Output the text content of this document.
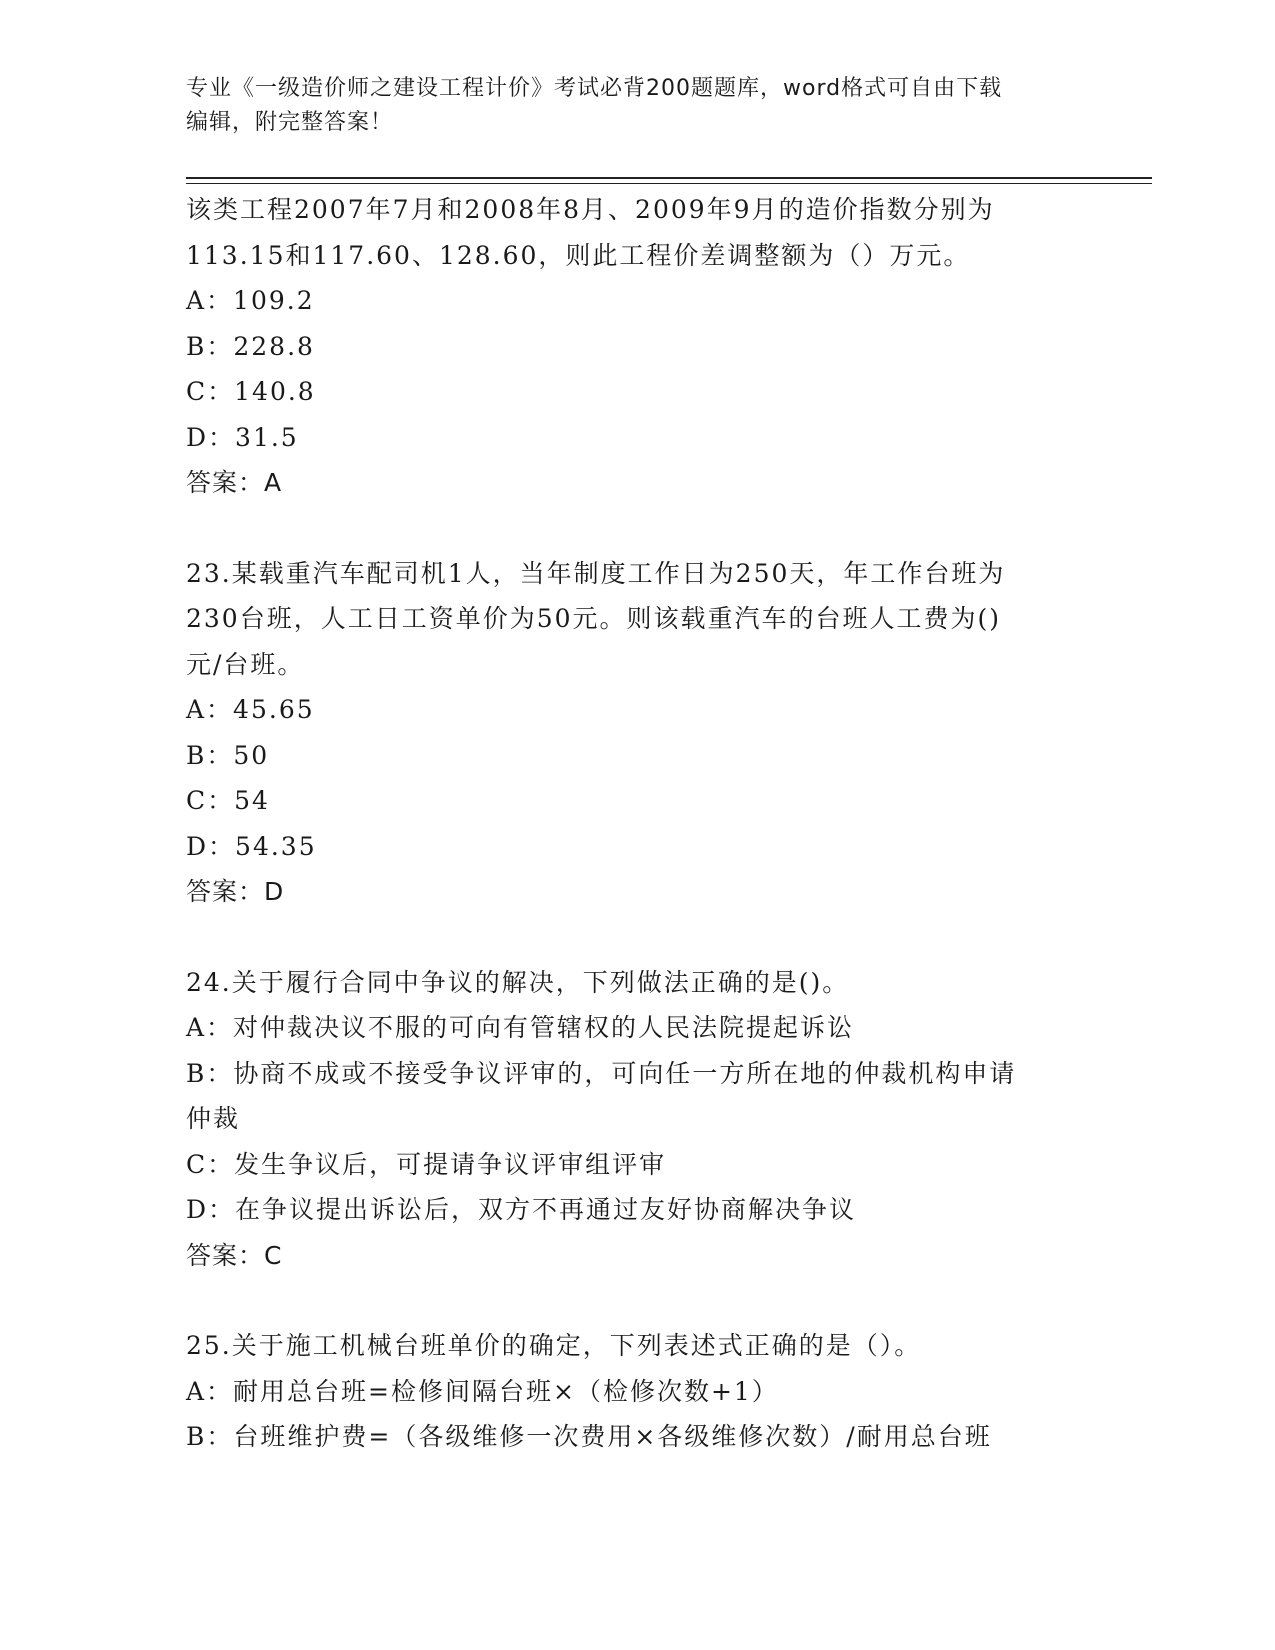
专业《一级造价师之建设工程计价》考试必背200题题库，word格式可自由下载
编辑，附完整答案！
该类工程2007年7月和2008年8月、2009年9月的造价指数分别为
113.15和117.60、128.60，则此工程价差调整额为（）万元。
A：109.2
B：228.8
C：140.8
D：31.5
答案：A
23.某载重汽车配司机1人，当年制度工作日为250天，年工作台班为
230台班，人工日工资单价为50元。则该载重汽车的台班人工费为()
元/台班。
A：45.65
B：50
C：54
D：54.35
答案：D
24.关于履行合同中争议的解决，下列做法正确的是()。
A：对仲裁决议不服的可向有管辖权的人民法院提起诉讼
B：协商不成或不接受争议评审的，可向任一方所在地的仲裁机构申请
仲裁
C：发生争议后，可提请争议评审组评审
D：在争议提出诉讼后，双方不再通过友好协商解决争议
答案：C
25.关于施工机械台班单价的确定，下列表述式正确的是（）。
A：耐用总台班=检修间隔台班×（检修次数+1）
B：台班维护费=（各级维修一次费用×各级维修次数）/耐用总台班
